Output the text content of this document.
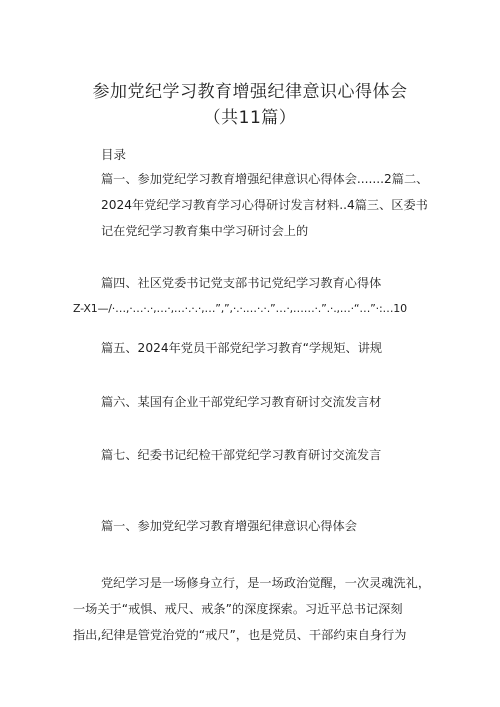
参加党纪学习教育增强纪律意识心得体会
（共11篇）
目录
篇一、参加党纪学习教育增强纪律意识心得体会.......2篇二、
2024年党纪学习教育学习心得研讨发言材料..4篇三、区委书
记在党纪学习教育集中学习研讨会上的
篇四、社区党委书记党支部书记党纪学习教育心得体
Z-X1—/·…,·…·.·,…·,…·.·.·,…”,”,·.·.…·.·.”…·,……·.”.·.,…·“…”·:…10
篇五、2024年党员干部党纪学习教育“学规矩、讲规
篇六、某国有企业干部党纪学习教育研讨交流发言材
篇七、纪委书记纪检干部党纪学习教育研讨交流发言
篇一、参加党纪学习教育增强纪律意识心得体会
党纪学习是一场修身立行，是一场政治觉醒，一次灵魂洗礼，
一场关于“戒惧、戒尺、戒条”的深度探索。习近平总书记深刻
指出,纪律是管党治党的“戒尺”，也是党员、干部约束自身行为
